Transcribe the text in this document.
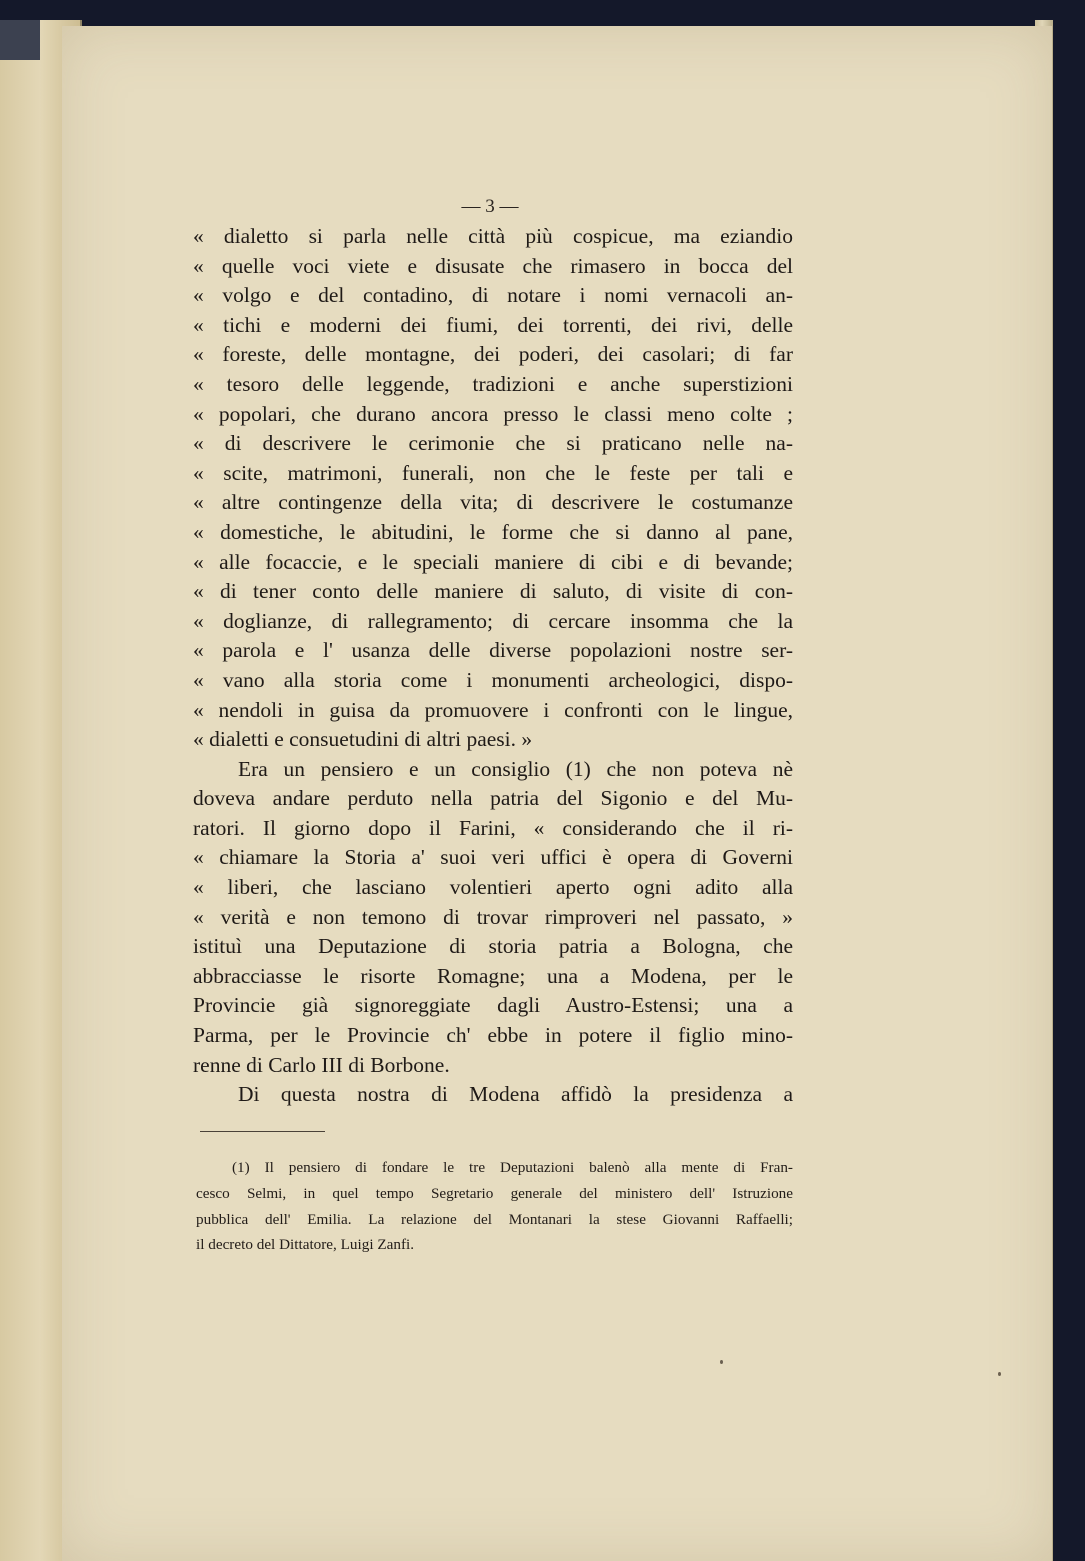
— 3 —
« dialetto si parla nelle città più cospicue, ma eziandio
« quelle voci viete e disusate che rimasero in bocca del
« volgo e del contadino, di notare i nomi vernacoli an-
« tichi e moderni dei fiumi, dei torrenti, dei rivi, delle
« foreste, delle montagne, dei poderi, dei casolari; di far
« tesoro delle leggende, tradizioni e anche superstizioni
« popolari, che durano ancora presso le classi meno colte ;
« di descrivere le cerimonie che si praticano nelle na-
« scite, matrimoni, funerali, non che le feste per tali e
« altre contingenze della vita; di descrivere le costumanze
« domestiche, le abitudini, le forme che si danno al pane,
« alle focaccie, e le speciali maniere di cibi e di bevande;
« di tener conto delle maniere di saluto, di visite di con-
« doglianze, di rallegramento; di cercare insomma che la
« parola e l' usanza delle diverse popolazioni nostre ser-
« vano alla storia come i monumenti archeologici, dispo-
« nendoli in guisa da promuovere i confronti con le lingue,
« dialetti e consuetudini di altri paesi. »
Era un pensiero e un consiglio (1) che non poteva nè
doveva andare perduto nella patria del Sigonio e del Mu-
ratori. Il giorno dopo il Farini, « considerando che il ri-
« chiamare la Storia a' suoi veri uffici è opera di Governi
« liberi, che lasciano volentieri aperto ogni adito alla
« verità e non temono di trovar rimproveri nel passato, »
istituì una Deputazione di storia patria a Bologna, che
abbracciasse le risorte Romagne; una a Modena, per le
Provincie già signoreggiate dagli Austro-Estensi; una a
Parma, per le Provincie ch' ebbe in potere il figlio mino-
renne di Carlo III di Borbone.
Di questa nostra di Modena affidò la presidenza a
(1) Il pensiero di fondare le tre Deputazioni balenò alla mente di Fran-
cesco Selmi, in quel tempo Segretario generale del ministero dell' Istruzione
pubblica dell' Emilia. La relazione del Montanari la stese Giovanni Raffaelli;
il decreto del Dittatore, Luigi Zanfi.
